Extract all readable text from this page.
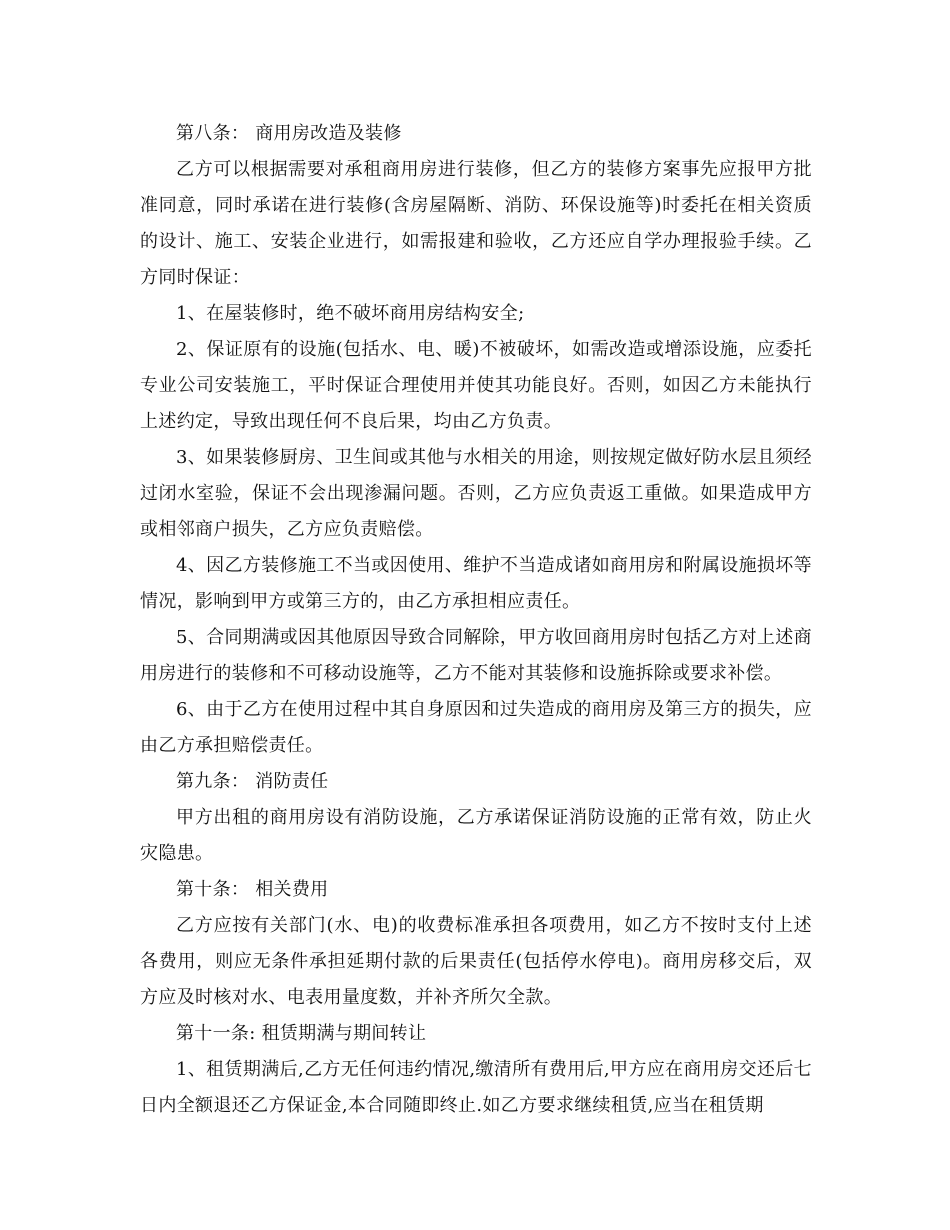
第八条： 商用房改造及装修

乙方可以根据需要对承租商用房进行装修，但乙方的装修方案事先应报甲方批准同意，同时承诺在进行装修(含房屋隔断、消防、环保设施等)时委托在相关资质的设计、施工、安装企业进行，如需报建和验收，乙方还应自学办理报验手续。乙方同时保证：

1、在屋装修时，绝不破坏商用房结构安全;

2、保证原有的设施(包括水、电、暖)不被破坏，如需改造或增添设施，应委托专业公司安装施工，平时保证合理使用并使其功能良好。否则，如因乙方未能执行上述约定，导致出现任何不良后果，均由乙方负责。

3、如果装修厨房、卫生间或其他与水相关的用途，则按规定做好防水层且须经过闭水室验，保证不会出现渗漏问题。否则，乙方应负责返工重做。如果造成甲方或相邻商户损失，乙方应负责赔偿。

4、因乙方装修施工不当或因使用、维护不当造成诸如商用房和附属设施损坏等情况，影响到甲方或第三方的，由乙方承担相应责任。

5、合同期满或因其他原因导致合同解除，甲方收回商用房时包括乙方对上述商用房进行的装修和不可移动设施等，乙方不能对其装修和设施拆除或要求补偿。

6、由于乙方在使用过程中其自身原因和过失造成的商用房及第三方的损失，应由乙方承担赔偿责任。

第九条： 消防责任

甲方出租的商用房设有消防设施，乙方承诺保证消防设施的正常有效，防止火灾隐患。

第十条： 相关费用

乙方应按有关部门(水、电)的收费标准承担各项费用，如乙方不按时支付上述各费用，则应无条件承担延期付款的后果责任(包括停水停电)。商用房移交后，双方应及时核对水、电表用量度数，并补齐所欠全款。

第十一条: 租赁期满与期间转让

1、租赁期满后,乙方无任何违约情况,缴清所有费用后,甲方应在商用房交还后七日内全额退还乙方保证金,本合同随即终止.如乙方要求继续租赁,应当在租赁期
